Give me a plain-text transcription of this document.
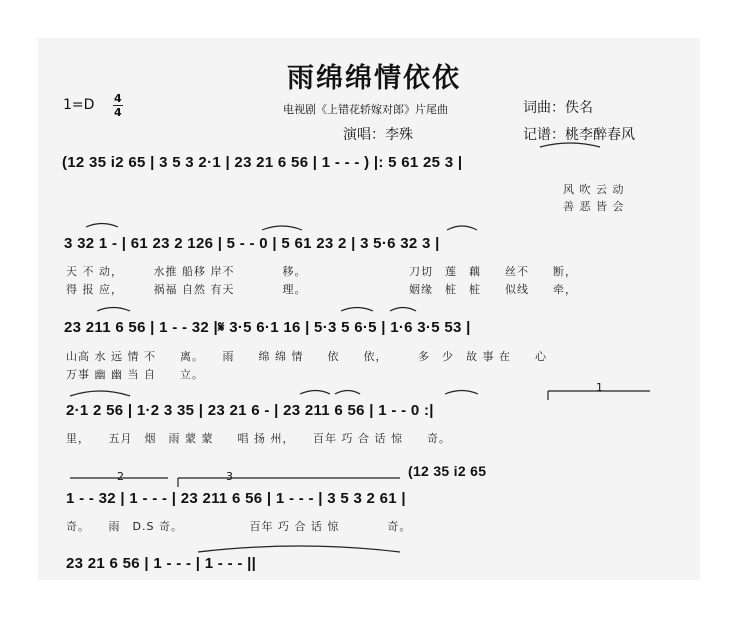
雨绵绵情依依
1=D 4
4	电视剧《上错花轿嫁对郎》片尾曲	词曲：佚名
演唱：李殊	记谱：桃李醉春风
(12 35 i2 65 | 3 5 3 2·1 | 23 21 6 56 | 1 - - - ) |: 5 61 25 3 |
风 吹 云 动
善 恶 皆 会
3 32 1 - | 61 23 2 126 | 5 - - 0 | 5 61 23 2 | 3 5·6 32 3 |
天 不 动，　　　水推 船移 岸不　　　　移。　　　　　　　　　刀切　莲　藕　　丝不　　断，
得 报 应，　　　祸福 自然 有天　　　　理。　　　　　　　　　姻缘　桩　桩　　似线　　牵，
23 211 6 56 | 1 - - 32 |𝄋 3·5 6·1 16 | 5·3 5 6·5 | 1·6 3·5 53 |
山高 水 远 情 不　　离。　　雨　　绵 绵 情　　依　　依，　　　多　少　故 事 在　　心
万事 幽 幽 当 自　　立。
1
2·1 2 56 | 1·2 3 35 | 23 21 6 - | 23 211 6 56 | 1 - - 0 :|
里，　　五月　烟　雨 蒙 蒙　　唱 扬 州，　　百年 巧 合 话 惊　　奇。
2	3	(12 35 i2 65
1 - - 32 | 1 - - - | 23 211 6 56 | 1 - - - | 3 5 3 2 61 |
奇。　　雨　D.S 奇。　　　　　　百年 巧 合 话 惊　　　　奇。
23 21 6 56 | 1 - - - | 1 - - - ||
